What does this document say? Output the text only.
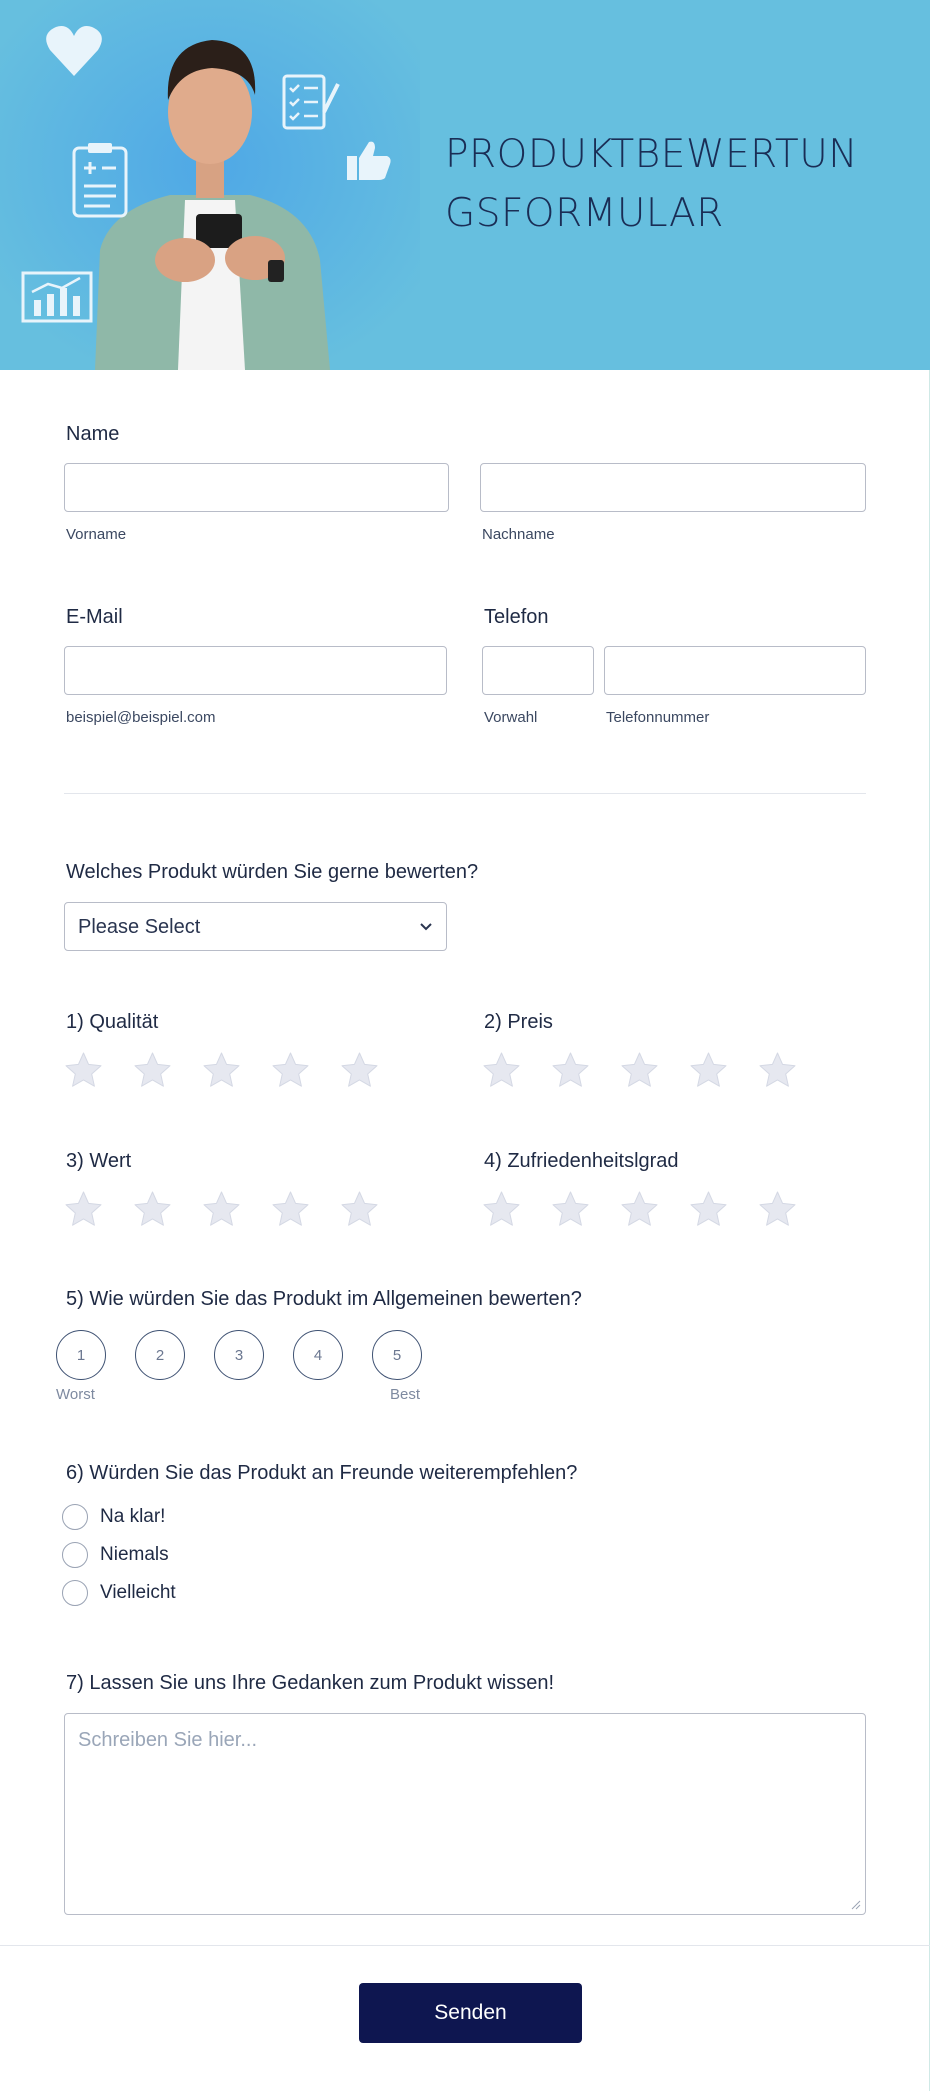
PRODUKTBEWERTUNGSFORMULAR
Name
Vorname	Nachname
E-Mail
beispiel@beispiel.com
Telefon
Vorwahl	Telefonnummer
Welches Produkt würden Sie gerne bewerten?
Please Select
1) Qualität	2) Preis
3) Wert	4) Zufriedenheitslgrad
5) Wie würden Sie das Produkt im Allgemeinen bewerten?
1	2	3	4	5
Worst	Best
6) Würden Sie das Produkt an Freunde weiterempfehlen?
Na klar!
Niemals
Vielleicht
7) Lassen Sie uns Ihre Gedanken zum Produkt wissen!
Schreiben Sie hier...
Senden
